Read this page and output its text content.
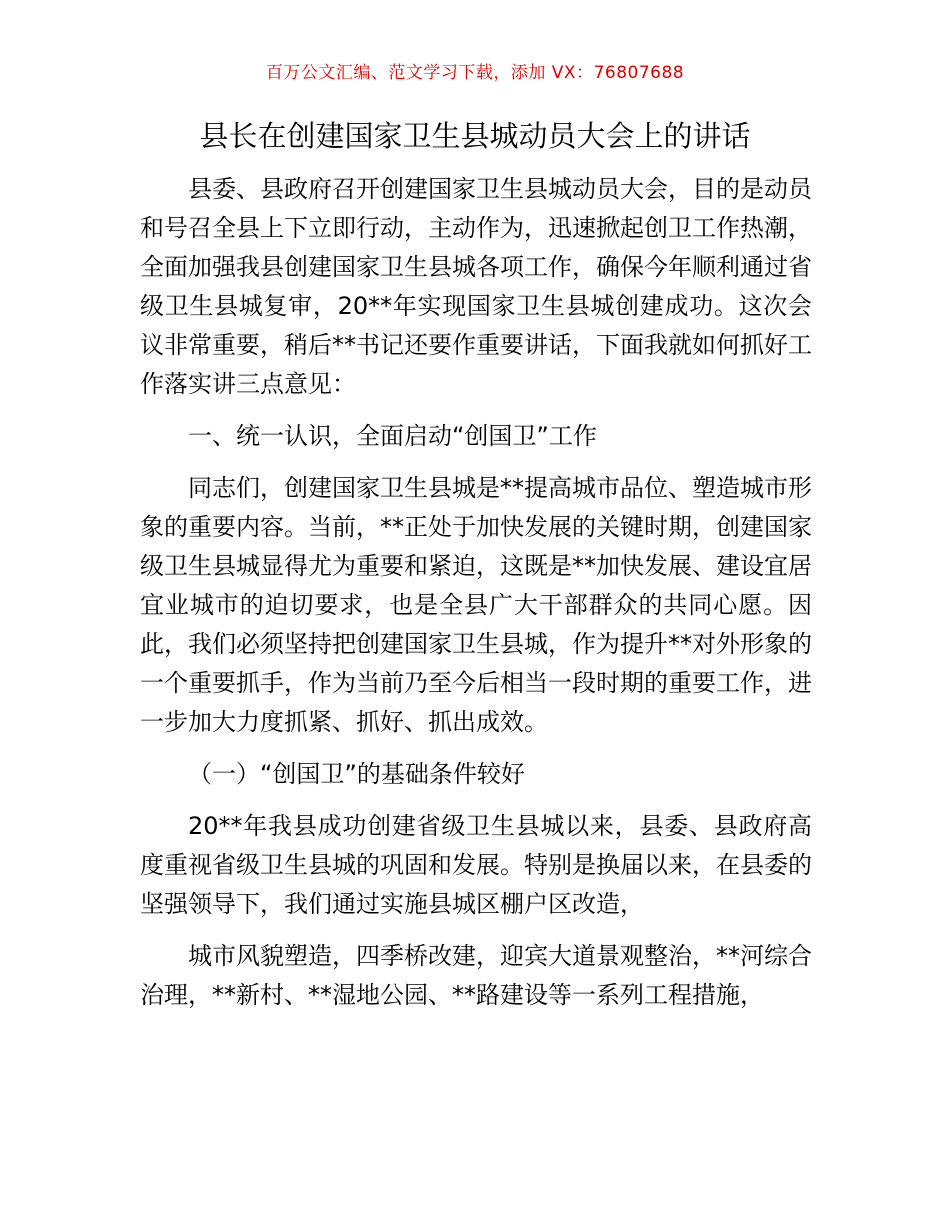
百万公文汇编、范文学习下载，添加 VX：76807688
县长在创建国家卫生县城动员大会上的讲话

县委、县政府召开创建国家卫生县城动员大会，目的是动员和号召全县上下立即行动，主动作为，迅速掀起创卫工作热潮，全面加强我县创建国家卫生县城各项工作，确保今年顺利通过省级卫生县城复审，20**年实现国家卫生县城创建成功。这次会议非常重要，稍后**书记还要作重要讲话，下面我就如何抓好工作落实讲三点意见：

一、统一认识，全面启动“创国卫”工作

同志们，创建国家卫生县城是**提高城市品位、塑造城市形象的重要内容。当前，**正处于加快发展的关键时期，创建国家级卫生县城显得尤为重要和紧迫，这既是**加快发展、建设宜居宜业城市的迫切要求，也是全县广大干部群众的共同心愿。因此，我们必须坚持把创建国家卫生县城，作为提升**对外形象的一个重要抓手，作为当前乃至今后相当一段时期的重要工作，进一步加大力度抓紧、抓好、抓出成效。

（一）“创国卫”的基础条件较好

20**年我县成功创建省级卫生县城以来，县委、县政府高度重视省级卫生县城的巩固和发展。特别是换届以来，在县委的坚强领导下，我们通过实施县城区棚户区改造，

城市风貌塑造，四季桥改建，迎宾大道景观整治，**河综合治理，**新村、**湿地公园、**路建设等一系列工程措施，
